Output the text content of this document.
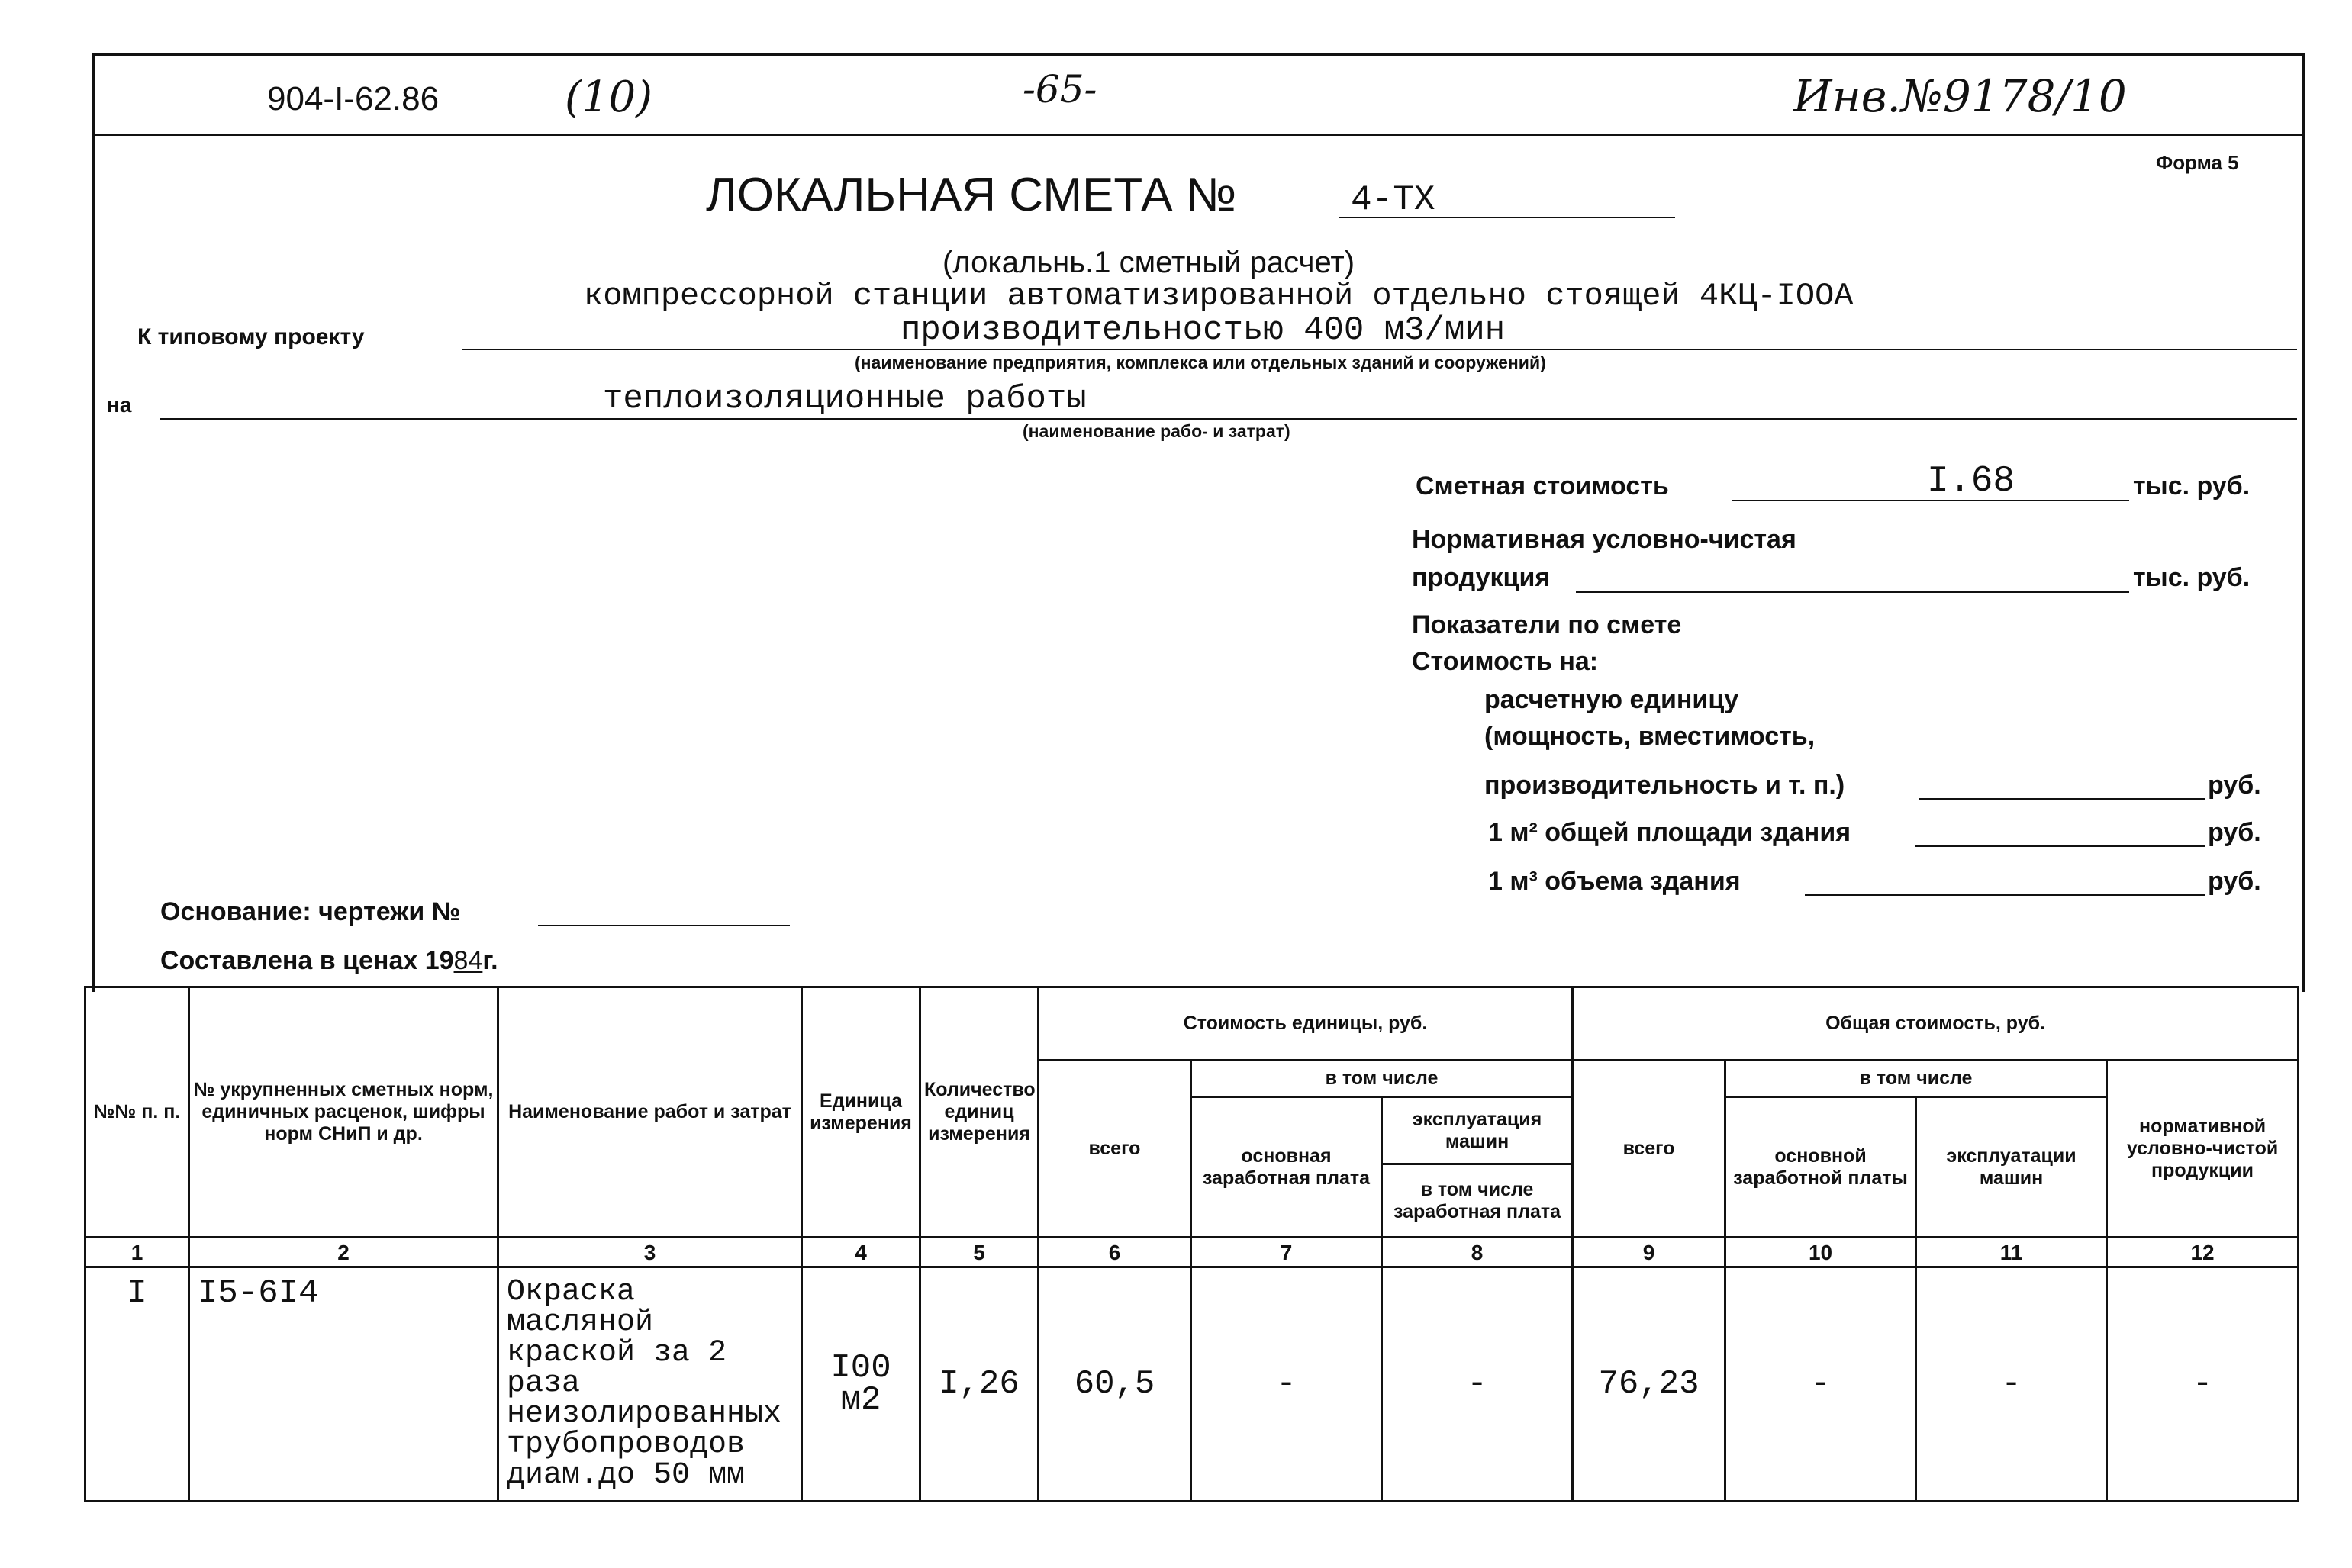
904-I-62.86	(10)	-65-	Инв.№9178/10
Форма 5
ЛОКАЛЬНАЯ СМЕТА №	4-ТХ
(локальнь.1 сметный расчет)
компрессорной станции автоматизированной отдельно стоящей 4КЦ-IООА
К типовому проекту	производительностью 400 м3/мин
(наименование предприятия, комплекса или отдельных зданий и сооружений)
на	теплоизоляционные работы
(наименование рабо- и затрат)
Сметная стоимость	I.68	тыс. руб.
Нормативная условно-чистая
продукция	тыс. руб.
Показатели по смете
Стоимость на:
расчетную единицу
(мощность, вместимость,
производительность и т. п.)	руб.
1 м² общей площади здания	руб.
1 м³ объема здания	руб.
Основание: чертежи №
Составлена в ценах 1984г.
№№ п. п.	№ укрупненных сметных норм, единичных расценок, шифры норм СНиП и др.	Наименование работ и затрат	Единица измерения	Количество единиц измерения	Стоимость единицы, руб.			Общая стоимость, руб.			
					всего	в том числе		всего	в том числе		нормативной условно-чистой продукции
						основная заработная плата	эксплуатация машин		основной заработной платы	эксплуатации машин	
							в том числе заработная плата				
1	2	3	4	5	6	7	8	9	10	11	12
I	I5-6I4	Окраска масляной краской за 2 раза неизолированных трубопроводов диам.до 50 мм	I00 м2	I,26	60,5	-	-	76,23	-	-	-
